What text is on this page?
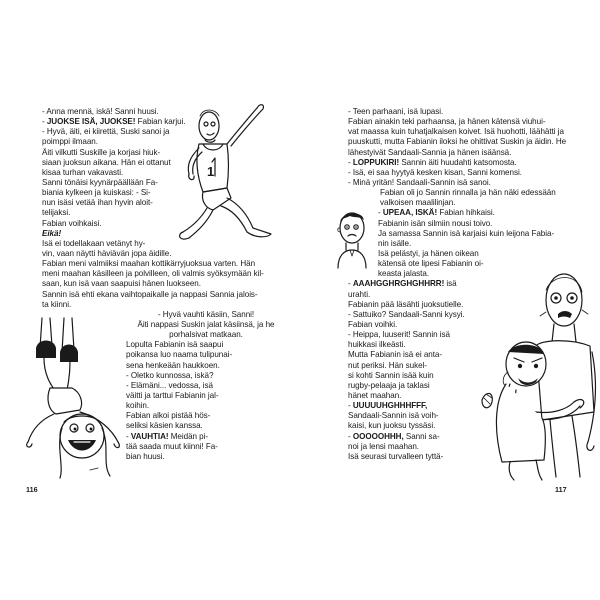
- Anna mennä, iskä! Sanni huusi.
- JUOKSE ISÄ, JUOKSE! Fabian karjui.
- Hyvä, äiti, ei kiirettä, Suski sanoi ja
poimppi ilmaan.
Äiti vilkutti Suskille ja korjasi hiuk-
siaan juoksun aikana. Hän ei ottanut
kisaa turhan vakavasti.
Sanni tönäisi kyynärpäällään Fa-
biania kylkeen ja kuiskasi: - Si-
nun isäsi vetää ihan hyvin aloit-
telijaksi.
Fabian voihkaisi.
Eikä!
Isä ei todellakaan vetänyt hy-
vin, vaan näytti häviävän jopa äidille.
Fabian meni valmiiksi maahan kottikärryjuoksua varten. Hän
meni maahan käsilleen ja polvilleen, oli valmis syöksymään kil-
saan, kun isä vaan saapuisi hänen luokseen.
Sannin isä ehti ekana vaihtopaikalle ja nappasi Sannia jalois-
ta kiinni.
- Hyvä vauhti käsiin, Sanni!
Äiti nappasi Suskin jalat käsiinsä, ja he
porhalsivat matkaan.
Lopulta Fabianin isä saapui
poikansa luo naama tulipunai-
sena henkeään haukkoen.
- Oletko kunnossa, iskä?
- Elämäni... vedossa, isä
väitti ja tarttui Fabianin jal-
koihin.
Fabian alkoi pistää hös-
seliksi käsien kanssa.
- VAUHTIA! Meidän pi-
tää saada muut kiinni! Fa-
bian huusi.
116
1
- Teen parhaani, isä lupasi.
Fabian ainakin teki parhaansa, ja hänen kätensä viuhui-
vat maassa kuin tuhatjalkaisen koivet. Isä huohotti, läähätti ja
puuskutti, mutta Fabianin iloksi he ohittivat Suskin ja äidin. He
lähestyivät Sandaali-Sannia ja hänen isäänsä.
- LOPPUKIRI! Sannin äiti huudahti katsomosta.
- Isä, ei saa hyytyä kesken kisan, Sanni komensi.
- Minä yritän! Sandaali-Sannin isä sanoi.
Fabian oli jo Sannin rinnalla ja hän näki edessään
valkoisen maalilinjan.
- UPEAA, ISKÄ! Fabian hihkaisi.
Fabianin isän silmiin nousi toivo.
Ja samassa Sannin isä karjaisi kuin leijona Fabia-
nin isälle.
Isä pelästyi, ja hänen oikean
kätensä ote lipesi Fabianin oi-
keasta jalasta.
- AAAHGGHRGHGHHRR! isä
urahti.
Fabianin pää läsähti juoksutielle.
- Sattuiko? Sandaali-Sanni kysyi.
Fabian voihki.
- Heippa, luuserit! Sannin isä
huikkasi ilkeästi.
Mutta Fabianin isä ei anta-
nut periksi. Hän sukel-
si kohti Sannin isää kuin
rugby-pelaaja ja taklasi
hänet maahan.
- UUUUUHGHHHFFF,
Sandaali-Sannin isä voih-
kaisi, kun juoksu tyssäsi.
- OOOOOHHH, Sanni sa-
noi ja lensi maahan.
Isä seurasi turvalleen tyttä-
117
